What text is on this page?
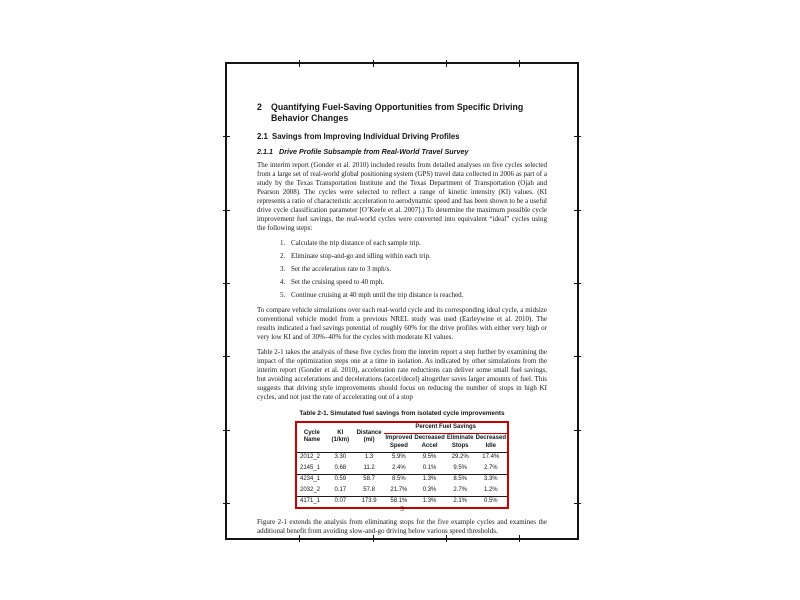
2	Quantifying Fuel-Saving Opportunities from Specific Driving Behavior Changes
2.1 Savings from Improving Individual Driving Profiles
2.1.1 Drive Profile Subsample from Real-World Travel Survey

The interim report (Gonder et al. 2010) included results from detailed analyses on five cycles selected from a large set of real-world global positioning system (GPS) travel data collected in 2006 as part of a study by the Texas Transportation Institute and the Texas Department of Transportation (Ojah and Pearson 2008). The cycles were selected to reflect a range of kinetic intensity (KI) values. (KI represents a ratio of characteristic acceleration to aerodynamic speed and has been shown to be a useful drive cycle classification parameter [O’Keefe et al. 2007].) To determine the maximum possible cycle improvement fuel savings, the real-world cycles were converted into equivalent “ideal” cycles using the following steps:

1. Calculate the trip distance of each sample trip.
2. Eliminate stop-and-go and idling within each trip.
3. Set the acceleration rate to 3 mph/s.
4. Set the cruising speed to 40 mph.
5. Continue cruising at 40 mph until the trip distance is reached.

To compare vehicle simulations over each real-world cycle and its corresponding ideal cycle, a midsize conventional vehicle model from a previous NREL study was used (Earleywine et al. 2010). The results indicated a fuel savings potential of roughly 60% for the drive profiles with either very high or very low KI and of 30%–40% for the cycles with moderate KI values.

Table 2-1 takes the analysis of these five cycles from the interim report a step further by examining the impact of the optimization steps one at a time in isolation. As indicated by other simulations from the interim report (Gonder et al. 2010), acceleration rate reductions can deliver some small fuel savings, but avoiding accelerations and decelerations (accel/decel) altogether saves larger amounts of fuel. This suggests that driving style improvements should focus on reducing the number of stops in high KI cycles, and not just the rate of accelerating out of a stop

Table 2-1. Simulated fuel savings from isolated cycle improvements
Cycle Name	KI (1/km)	Distance (mi)	Percent Fuel Savings			
			Improved Speed	Decreased Accel	Eliminate Stops	Decreased Idle
2012_2	3.30	1.3	5.9%	9.5%	29.2%	17.4%
2145_1	0.68	11.2	2.4%	0.1%	9.5%	2.7%
4234_1	0.59	58.7	8.5%	1.3%	8.5%	3.3%
2032_2	0.17	57.8	21.7%	0.3%	2.7%	1.2%
4171_1	0.07	173.9	58.1%	1.3%	2.1%	0.5%

Figure 2-1 extends the analysis from eliminating stops for the five example cycles and examines the additional benefit from avoiding slow-and-go driving below various speed thresholds.

3
